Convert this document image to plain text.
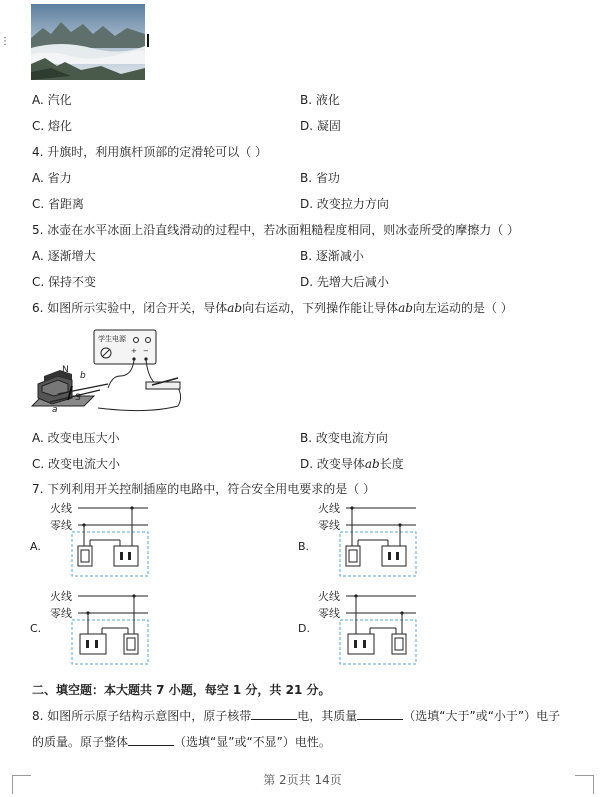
⋮
A. 汽化	B. 液化
C. 熔化	D. 凝固
4. 升旗时，利用旗杆顶部的定滑轮可以（ ）
A. 省力	B. 省功
C. 省距离	D. 改变拉力方向
5. 冰壶在水平冰面上沿直线滑动的过程中，若冰面粗糙程度相同，则冰壶所受的摩擦力（ ）
A. 逐渐增大	B. 逐渐减小
C. 保持不变	D. 先增大后减小
6. 如图所示实验中，闭合开关，导体ab向右运动，下列操作能让导体ab向左运动的是（ ）
学生电源
+ −
N
S
b
a
A. 改变电压大小	B. 改变电流方向
C. 改变电流大小	D. 改变导体ab长度
7. 下列利用开关控制插座的电路中，符合安全用电要求的是（ ）
火线
零线
A.
火线
零线
B.
火线
零线
C.
火线
零线
D.
二、填空题：本大题共 7 小题，每空 1 分，共 21 分。
8. 如图所示原子结构示意图中，原子核带	电，其质量	（选填“大于”或“小于”）电子
的质量。原子整体	（选填“显”或“不显”）电性。
第 2页共 14页
